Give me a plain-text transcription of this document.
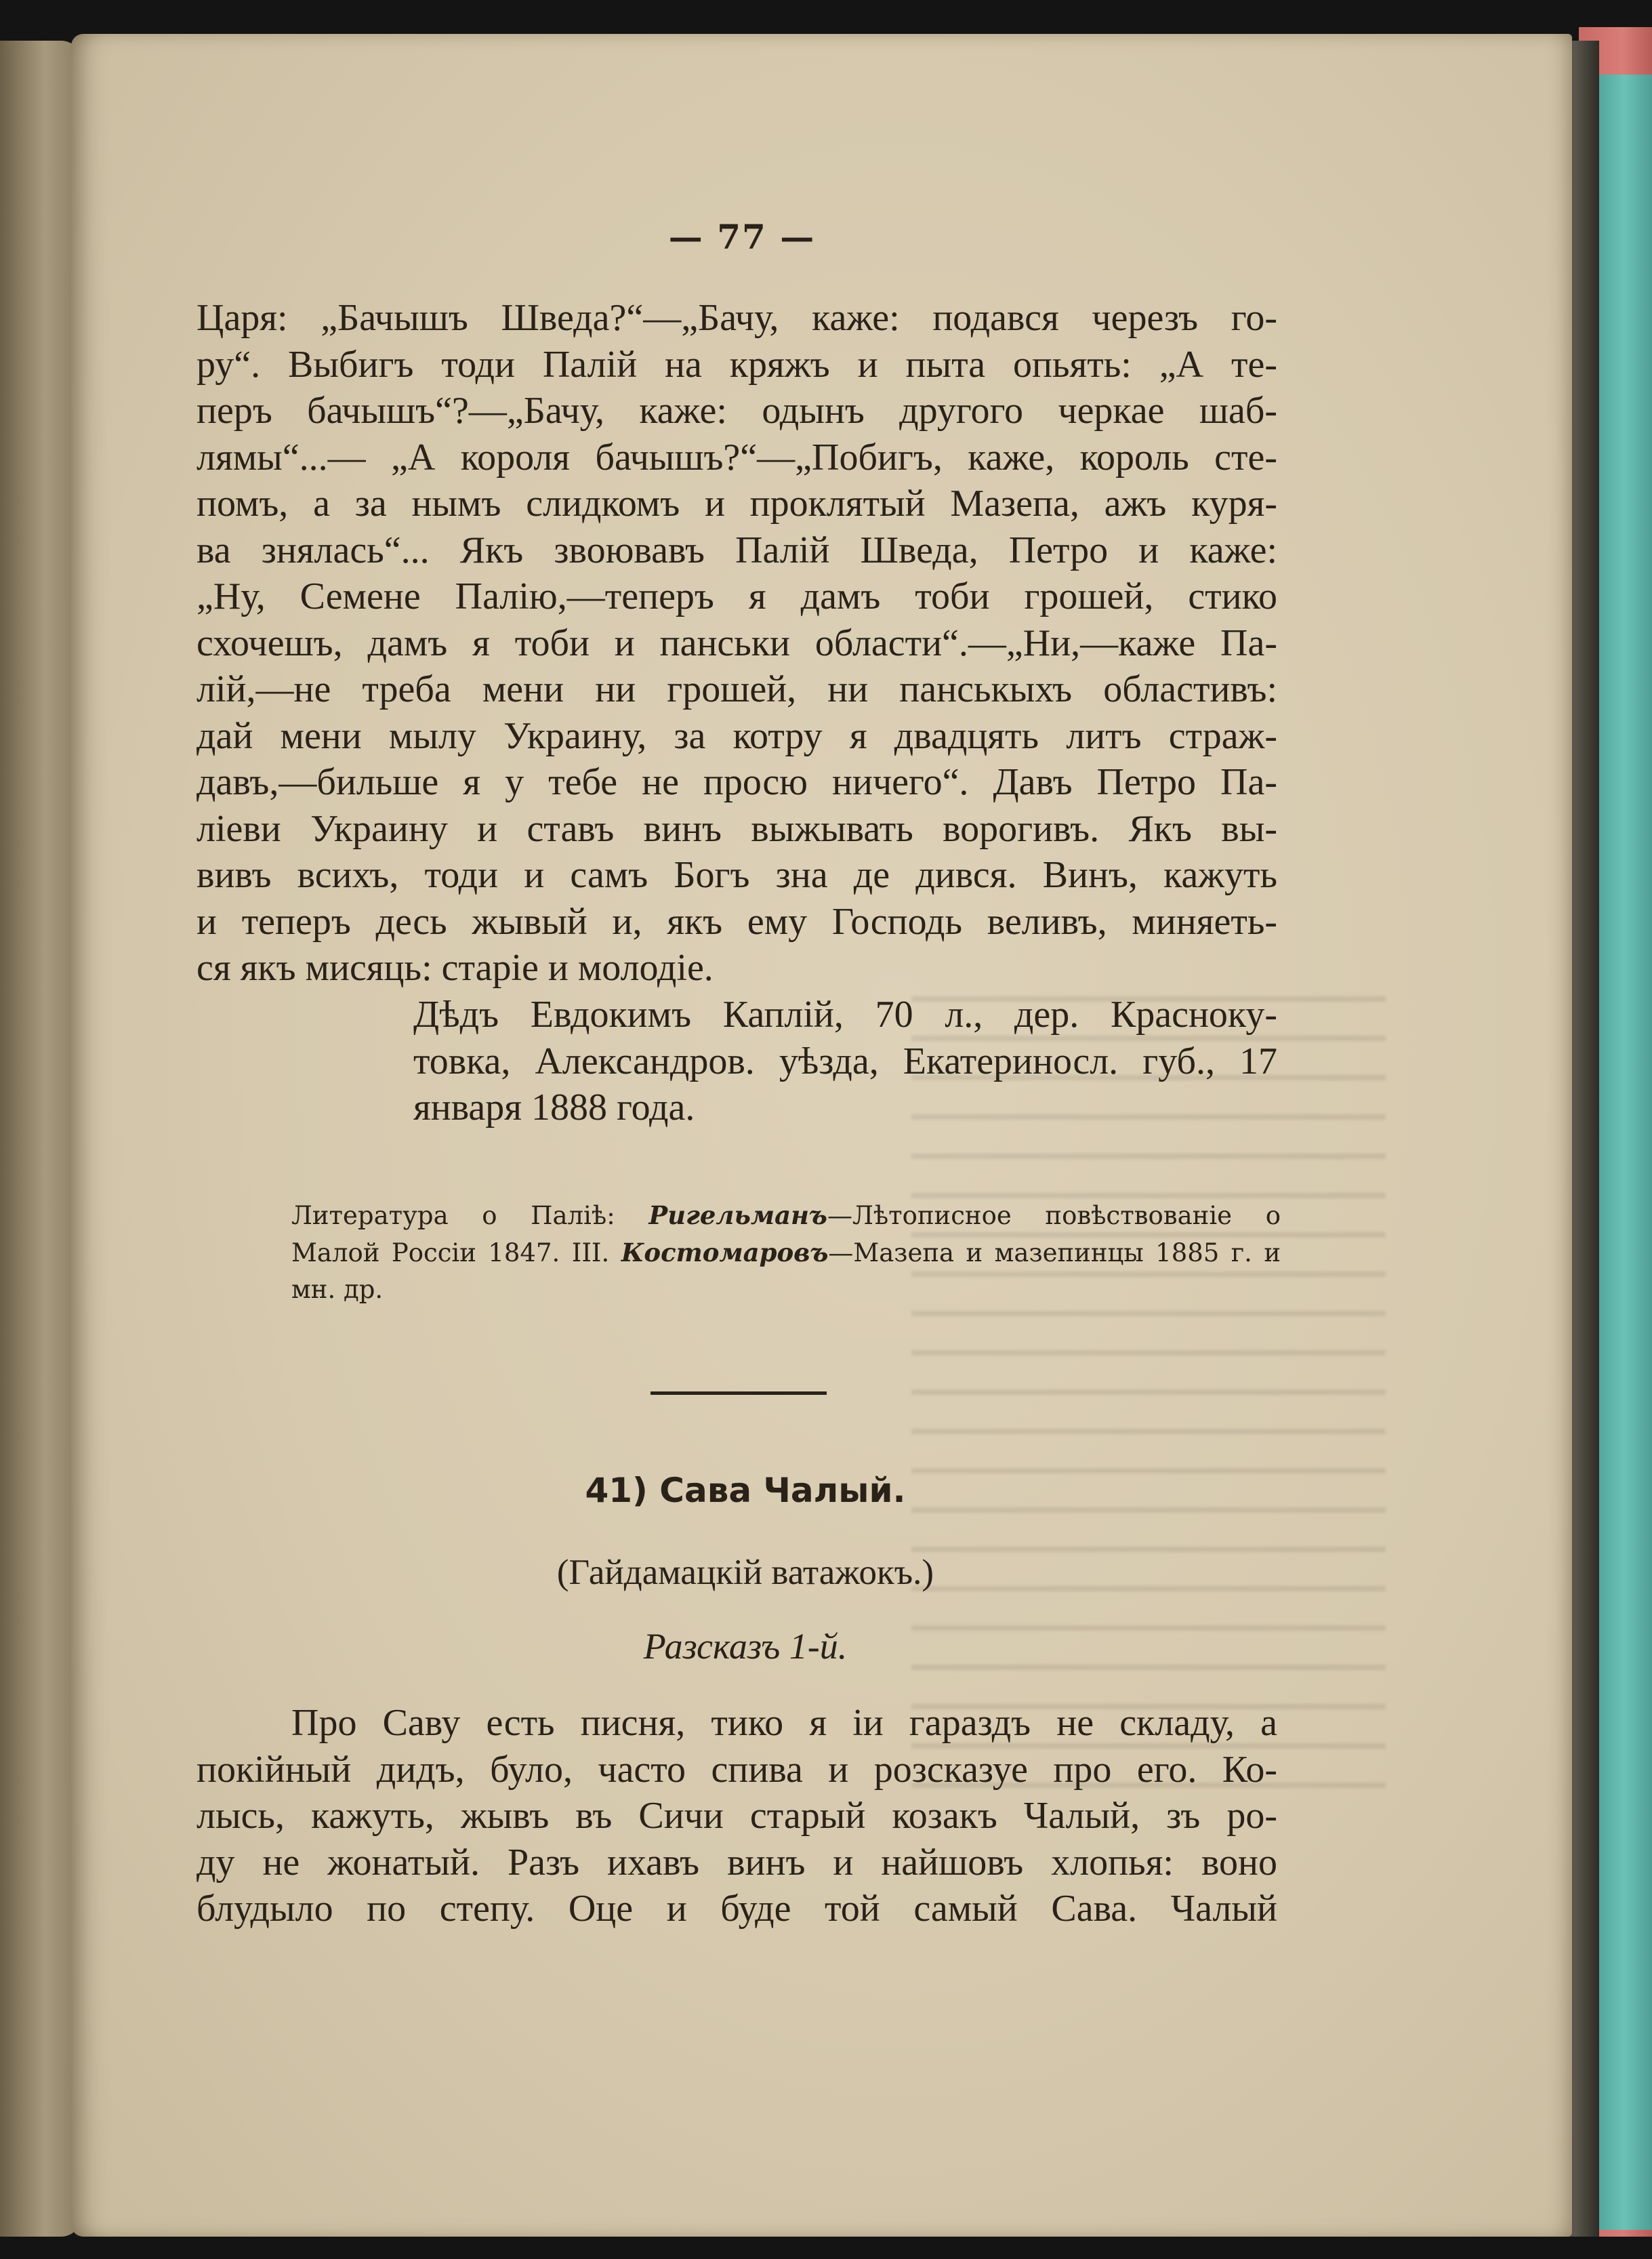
— 77 —
Царя: „Бачышъ Шведа?“—„Бачу, каже: подався черезъ го-
ру“. Выбигъ тоди Палій на кряжъ и пыта опьять: „А те-
перъ бачышъ“?—„Бачу, каже: одынъ другого черкае шаб-
лямы“...— „А короля бачышъ?“—„Побигъ, каже, король сте-
помъ, а за нымъ слидкомъ и проклятый Мазепа, ажъ куря-
ва знялась“... Якъ звоювавъ Палій Шведа, Петро и каже:
„Ну, Семене Палію,—теперъ я дамъ тоби грошей, стико
схочешъ, дамъ я тоби и панськи области“.—„Ни,—каже Па-
лій,—не треба мени ни грошей, ни панськыхъ областивъ:
дай мени мылу Украину, за котру я двадцять литъ страж-
давъ,—бильше я у тебе не просю ничего“. Давъ Петро Па-
ліеви Украину и ставъ винъ выжывать ворогивъ. Якъ вы-
вивъ всихъ, тоди и самъ Богъ зна де дився. Винъ, кажуть
и теперъ десь жывый и, якъ ему Господь веливъ, миняеть-
ся якъ мисяць: старіе и молодіе.
Дѣдъ Евдокимъ Каплій, 70 л., дер. Красноку-
товка, Александров. уѣзда, Екатериносл. губ., 17
января 1888 года.
Литература о Паліѣ: Ригельманъ—Лѣтописное повѣствованіе о
Малой Россіи 1847. III. Костомаровъ—Мазепа и мазепинцы 1885 г. и
мн. др.
41) Сава Чалый.
(Гайдамацкій ватажокъ.)
Разсказъ 1-й.
Про Саву есть писня, тико я іи гараздъ не складу, а
покійный дидъ, було, часто спива и розсказуе про его. Ко-
лысь, кажуть, жывъ въ Сичи старый козакъ Чалый, зъ ро-
ду не жонатый. Разъ ихавъ винъ и найшовъ хлопья: воно
блудыло по степу. Оце и буде той самый Сава. Чалый
